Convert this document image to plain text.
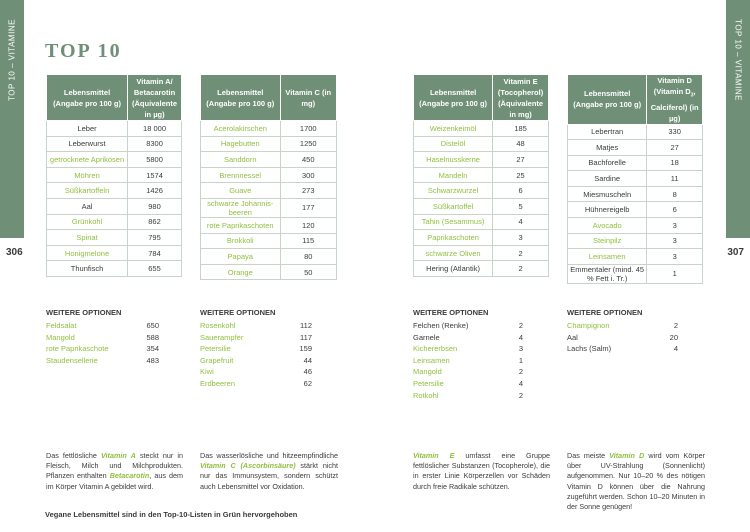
TOP 10 – VITAMINE	TOP 10 – VITAMINE
306	307
TOP 10
Lebensmittel (Angabe pro 100 g)	Vitamin A/ Betacarotin (Äquivalente in µg)
Leber	18 000
Leberwurst	8300
getrocknete Aprikosen	5800
Möhren	1574
Süßkartoffeln	1426
Aal	980
Grünkohl	862
Spinat	795
Honigmelone	784
Thunfisch	655
Lebensmittel (Angabe pro 100 g)	Vitamin C (in mg)
Acerolakirschen	1700
Hagebutten	1250
Sanddorn	450
Brennnessel	300
Guave	273
schwarze Johannis- beeren	177
rote Paprikaschoten	120
Brokkoli	115
Papaya	80
Orange	50
Lebensmittel (Angabe pro 100 g)	Vitamin E (Tocopherol) (Äquivalente in mg)
Weizenkeimöl	185
Distelöl	48
Haselnusskerne	27
Mandeln	25
Schwarzwurzel	6
Süßkartoffel	5
Tahin (Sesammus)	4
Paprikaschoten	3
schwarze Oliven	2
Hering (Atlantik)	2
Lebensmittel (Angabe pro 100 g)	Vitamin D (Vitamin $D_3$, Calciferol) (in µg)
Lebertran	330
Matjes	27
Bachforelle	18
Sardine	11
Miesmuscheln	8
Hühnereigelb	6
Avocado	3
Steinpilz	3
Leinsamen	3
Emmentaler (mind. 45 % Fett i. Tr.)	1
WEITERE OPTIONEN
Feldsalat	650
Mangold	588
rote Paprikaschote	354
Staudensellerie	483
WEITERE OPTIONEN
Rosenkohl	112
Sauerampfer	117
Petersilie	159
Grapefruit	44
Kiwi	46
Erdbeeren	62
WEITERE OPTIONEN
Felchen (Renke)	2
Garnele	4
Kichererbsen	3
Leinsamen	1
Mangold	2
Petersilie	4
Rotkohl	2
WEITERE OPTIONEN
Champignon	2
Aal	20
Lachs (Salm)	4
Das fettlösliche Vitamin A steckt nur in Fleisch, Milch und Milchprodukten. Pflanzen enthalten Betacarotin, aus dem im Körper Vitamin A gebildet wird.
Das wasserlösliche und hitzeempfindliche Vitamin C (Ascorbinsäure) stärkt nicht nur das Immunsystem, sondern schützt auch Lebensmittel vor Oxidation.
Vitamin E umfasst eine Gruppe fettlöslicher Substanzen (Tocopherole), die in erster Linie Körperzellen vor Schäden durch freie Radikale schützen.
Das meiste Vitamin D wird vom Körper über UV-Strahlung (Sonnenlicht) aufgenommen. Nur 10–20 % des nötigen Vitamin D können über die Nahrung zugeführt werden. Schon 10–20 Minuten in der Sonne genügen!
Vegane Lebensmittel sind in den Top-10-Listen in Grün hervorgehoben
